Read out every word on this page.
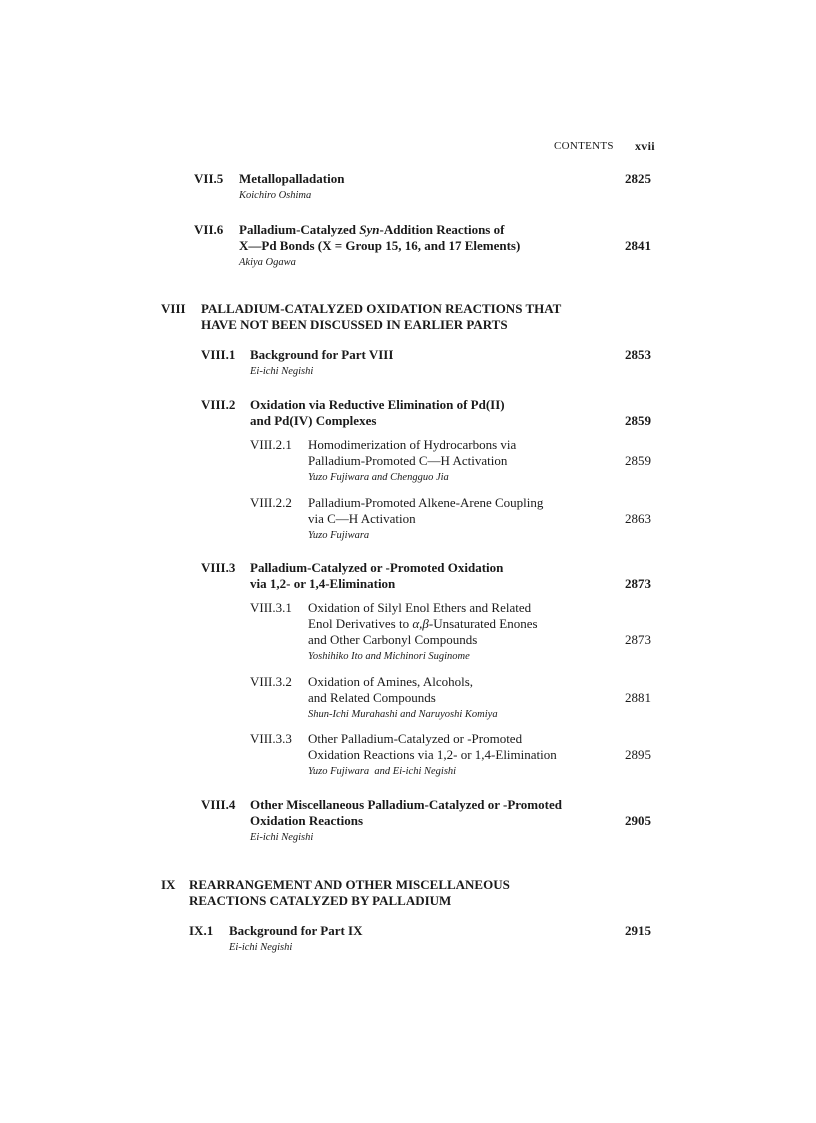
CONTENTS xvii
VII.5 Metallopalladation	2825
Koichiro Oshima
VII.6 Palladium-Catalyzed Syn-Addition Reactions of
X—Pd Bonds (X = Group 15, 16, and 17 Elements)	2841
Akiya Ogawa
VIII PALLADIUM-CATALYZED OXIDATION REACTIONS THAT
HAVE NOT BEEN DISCUSSED IN EARLIER PARTS
VIII.1 Background for Part VIII	2853
Ei-ichi Negishi
VIII.2 Oxidation via Reductive Elimination of Pd(II)
and Pd(IV) Complexes	2859
VIII.2.1 Homodimerization of Hydrocarbons via
Palladium-Promoted C—H Activation	2859
Yuzo Fujiwara and Chengguo Jia
VIII.2.2 Palladium-Promoted Alkene-Arene Coupling
via C—H Activation	2863
Yuzo Fujiwara
VIII.3 Palladium-Catalyzed or -Promoted Oxidation
via 1,2- or 1,4-Elimination	2873
VIII.3.1 Oxidation of Silyl Enol Ethers and Related
Enol Derivatives to α,β-Unsaturated Enones
and Other Carbonyl Compounds	2873
Yoshihiko Ito and Michinori Suginome
VIII.3.2 Oxidation of Amines, Alcohols,
and Related Compounds	2881
Shun-Ichi Murahashi and Naruyoshi Komiya
VIII.3.3 Other Palladium-Catalyzed or -Promoted
Oxidation Reactions via 1,2- or 1,4-Elimination	2895
Yuzo Fujiwara  and Ei-ichi Negishi
VIII.4 Other Miscellaneous Palladium-Catalyzed or -Promoted
Oxidation Reactions	2905
Ei-ichi Negishi
IX REARRANGEMENT AND OTHER MISCELLANEOUS
REACTIONS CATALYZED BY PALLADIUM
IX.1 Background for Part IX	2915
Ei-ichi Negishi
